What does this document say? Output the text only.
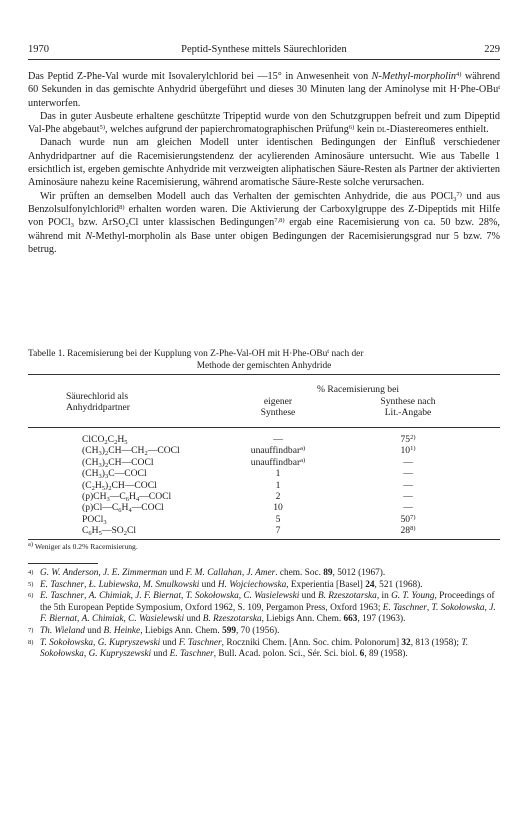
1970	Peptid-Synthese mittels Säurechloriden	229

Das Peptid Z-Phe-Val wurde mit Isovalerylchlorid bei —15° in Anwesenheit von N-Methyl-morpholin$^{4)}$ während 60 Sekunden in das gemischte Anhydrid übergeführt und dieses 30 Minuten lang der Aminolyse mit H·Phe-OBu$^t$ unterworfen.

Das in guter Ausbeute erhaltene geschützte Tripeptid wurde von den Schutzgruppen befreit und zum Dipeptid Val-Phe abgebaut$^{5)}$, welches aufgrund der papierchromatographischen Prüfung$^{6)}$ kein dl-Diastereomeres enthielt.

Danach wurde nun am gleichen Modell unter identischen Bedingungen der Einfluß verschiedener Anhydridpartner auf die Racemisierungstendenz der acylierenden Aminosäure untersucht. Wie aus Tabelle 1 ersichtlich ist, ergeben gemischte Anhydride mit verzweigten aliphatischen Säure-Resten als Partner der aktivierten Aminosäure nahezu keine Racemisierung, während aromatische Säure-Reste solche verursachen.

Wir prüften an demselben Modell auch das Verhalten der gemischten Anhydride, die aus POCl$_3^{7)}$ und aus Benzolsulfonylchlorid$^{8)}$ erhalten worden waren. Die Aktivierung der Carboxylgruppe des Z-Dipeptids mit Hilfe von POCl$_3$ bzw. ArSO$_2$Cl unter klassischen Bedingungen$^{7,8)}$ ergab eine Racemisierung von ca. 50 bzw. 28%, während mit N-Methyl-morpholin als Base unter obigen Bedingungen der Racemisierungsgrad nur 5 bzw. 7% betrug.

Tabelle 1. Racemisierung bei der Kupplung von Z-Phe-Val-OH mit H·Phe-OBu$^t$ nach der
Methode der gemischten Anhydride
Säurechlorid als
Anhydridpartner
% Racemisierung bei
eigener
Synthese
Synthese nach
Lit.-Angabe
$ClCO_2C_2H_5$	—	75$^{2)}$
$(CH_3)_2CH—CH_2—COCl$	unauffindbar$^{a)}$	10$^{1)}$
$(CH_3)_2CH—COCl$	unauffindbar$^{a)}$	—
$(CH_3)_3C—COCl$	1	—
$(C_2H_5)_2CH—COCl$	1	—
$(p)CH_3—C_6H_4—COCl$	2	—
$(p)Cl—C_6H_4—COCl$	10	—
POCl$_3$	5	50$^{7)}$
$C_6H_5—SO_2Cl$	7	28$^{8)}$
$^{a)}$ Weniger als 0.2% Racemisierung.
4) G. W. Anderson, J. E. Zimmerman und F. M. Callahan, J. Amer. chem. Soc. 89, 5012 (1967).
5) E. Taschner, Ł. Lubiewska, M. Smulkowski und H. Wojciechowska, Experientia [Basel] 24, 521 (1968).
6) E. Taschner, A. Chimiak, J. F. Biernat, T. Sokołowska, C. Wasielewski und B. Rzeszotarska, in G. T. Young, Proceedings of the 5th European Peptide Symposium, Oxford 1962, S. 109, Pergamon Press, Oxford 1963; E. Taschner, T. Sokołowska, J. F. Biernat, A. Chimiak, C. Wasielewski und B. Rzeszotarska, Liebigs Ann. Chem. 663, 197 (1963).
7) Th. Wieland und B. Heinke, Liebigs Ann. Chem. 599, 70 (1956).
8) T. Sokołowska, G. Kupryszewski und F. Taschner, Roczniki Chem. [Ann. Soc. chim. Polonorum] 32, 813 (1958); T. Sokołowska, G. Kupryszewski und E. Taschner, Bull. Acad. polon. Sci., Sér. Sci. biol. 6, 89 (1958).
